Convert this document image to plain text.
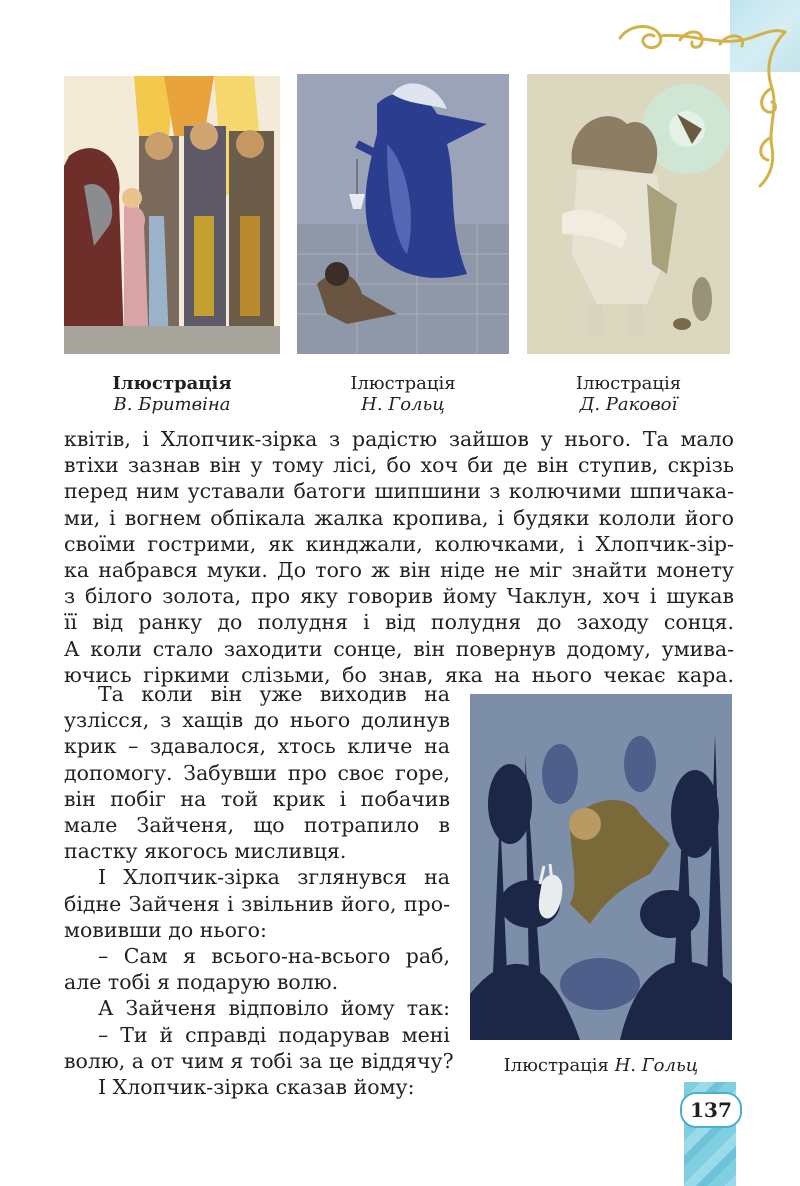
Ілюстрація
В. Бритвіна
Ілюстрація
Н. Гольц
Ілюстрація
Д. Ракової
квітів, і Хлопчик-зірка з радістю зайшов у нього. Та мало
втіхи зазнав він у тому лісі, бо хоч би де він ступив, скрізь
перед ним уставали батоги шипшини з колючими шпичака-
ми, і вогнем обпікала жалка кропива, і будяки кололи його
своїми гострими, як кинджали, колючками, і Хлопчик-зір-
ка набрався муки. До того ж він ніде не міг знайти монету
з білого золота, про яку говорив йому Чаклун, хоч і шукав
її від ранку до полудня і від полудня до заходу сонця.
А коли стало заходити сонце, він повернув додому, умива-
ючись гіркими слізьми, бо знав, яка на нього чекає кара.
Та коли він уже виходив на
узлісся, з хащів до нього долинув
крик – здавалося, хтось кличе на
допомогу. Забувши про своє горе,
він побіг на той крик і побачив
мале Зайченя, що потрапило в
пастку якогось мисливця.
І Хлопчик-зірка зглянувся на
бідне Зайченя і звільнив його, про-
мовивши до нього:
– Сам я всього-на-всього раб,
але тобі я подарую волю.
А Зайченя відповіло йому так:
– Ти й справді подарував мені
волю, а от чим я тобі за це віддячу?
І Хлопчик-зірка сказав йому:
Ілюстрація Н. Гольц
137
